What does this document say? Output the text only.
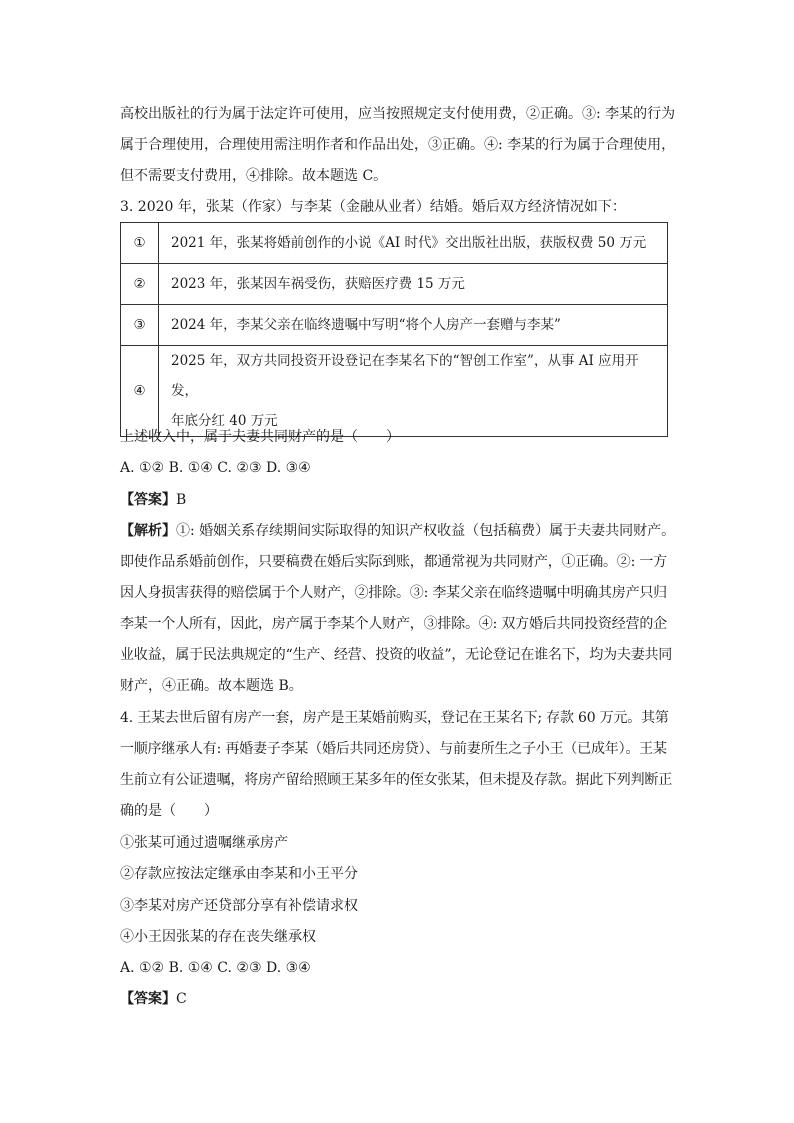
高校出版社的行为属于法定许可使用，应当按照规定支付使用费，②正确。③: 李某的行为
属于合理使用，合理使用需注明作者和作品出处，③正确。④: 李某的行为属于合理使用，
但不需要支付费用，④排除。故本题选 C。
3. 2020 年，张某（作家）与李某（金融从业者）结婚。婚后双方经济情况如下：
①	2021 年，张某将婚前创作的小说《AI 时代》交出版社出版，获版权费 50 万元
②	2023 年，张某因车祸受伤，获赔医疗费 15 万元
③	2024 年，李某父亲在临终遗嘱中写明“将个人房产一套赠与李某”
④	2025 年，双方共同投资开设登记在李某名下的“智创工作室”，从事 AI 应用开发，
年底分红 40 万元
上述收入中，属于夫妻共同财产的是（　　）
A. ①② B. ①④ C. ②③ D. ③④
【答案】B
【解析】①: 婚姻关系存续期间实际取得的知识产权收益（包括稿费）属于夫妻共同财产。
即使作品系婚前创作，只要稿费在婚后实际到账，都通常视为共同财产，①正确。②: 一方
因人身损害获得的赔偿属于个人财产，②排除。③: 李某父亲在临终遗嘱中明确其房产只归
李某一个人所有，因此，房产属于李某个人财产，③排除。④: 双方婚后共同投资经营的企
业收益，属于民法典规定的“生产、经营、投资的收益”，无论登记在谁名下，均为夫妻共同
财产，④正确。故本题选 B。
4. 王某去世后留有房产一套，房产是王某婚前购买，登记在王某名下; 存款 60 万元。其第
一顺序继承人有: 再婚妻子李某（婚后共同还房贷）、与前妻所生之子小王（已成年）。王某
生前立有公证遗嘱，将房产留给照顾王某多年的侄女张某，但未提及存款。据此下列判断正
确的是（　　）
①张某可通过遗嘱继承房产
②存款应按法定继承由李某和小王平分
③李某对房产还贷部分享有补偿请求权
④小王因张某的存在丧失继承权
A. ①② B. ①④ C. ②③ D. ③④
【答案】C
